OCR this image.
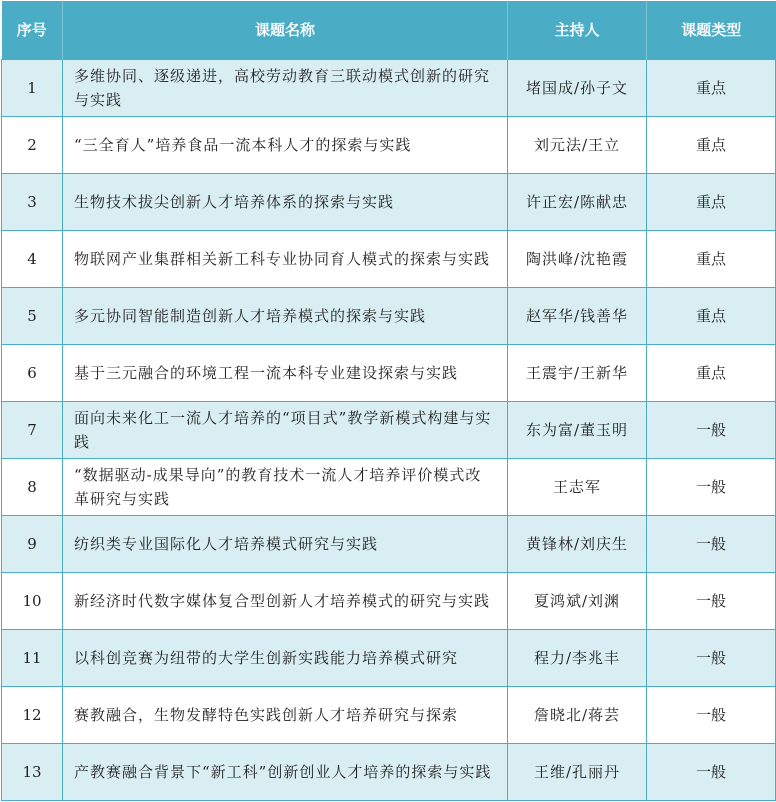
序号	课题名称	主持人	课题类型
1	多维协同、逐级递进，高校劳动教育三联动模式创新的研究与实践	堵国成/孙子文	重点
2	“三全育人”培养食品一流本科人才的探索与实践	刘元法/王立	重点
3	生物技术拔尖创新人才培养体系的探索与实践	许正宏/陈献忠	重点
4	物联网产业集群相关新工科专业协同育人模式的探索与实践	陶洪峰/沈艳霞	重点
5	多元协同智能制造创新人才培养模式的探索与实践	赵军华/钱善华	重点
6	基于三元融合的环境工程一流本科专业建设探索与实践	王震宇/王新华	重点
7	面向未来化工一流人才培养的“项目式”教学新模式构建与实践	东为富/董玉明	一般
8	“数据驱动-成果导向”的教育技术一流人才培养评价模式改革研究与实践	王志军	一般
9	纺织类专业国际化人才培养模式研究与实践	黄锋林/刘庆生	一般
10	新经济时代数字媒体复合型创新人才培养模式的研究与实践	夏鸿斌/刘渊	一般
11	以科创竞赛为纽带的大学生创新实践能力培养模式研究	程力/李兆丰	一般
12	赛教融合，生物发酵特色实践创新人才培养研究与探索	詹晓北/蒋芸	一般
13	产教赛融合背景下“新工科”创新创业人才培养的探索与实践	王维/孔丽丹	一般
